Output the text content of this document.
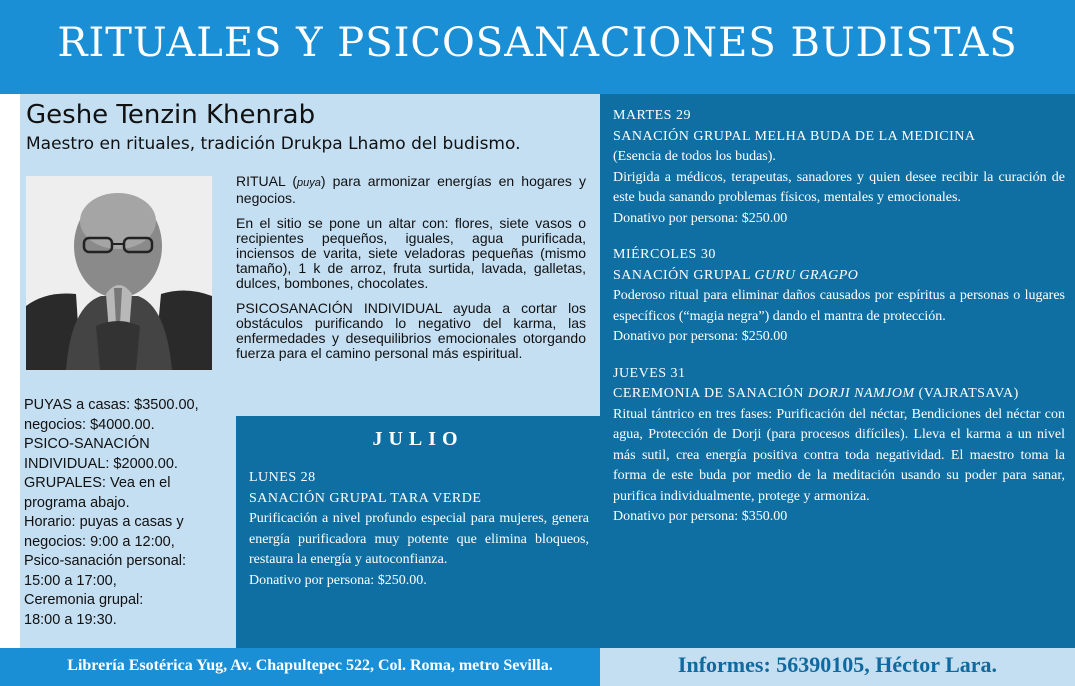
RITUALES Y PSICOSANACIONES BUDISTAS
Geshe Tenzin Khenrab
Maestro en rituales, tradición Drukpa Lhamo del budismo.

RITUAL (puya) para armonizar energías en hogares y negocios.

En el sitio se pone un altar con: flores, siete vasos o recipientes pequeños, iguales, agua purificada, inciensos de varita, siete veladoras pequeñas (mismo tamaño), 1 k de arroz, fruta surtida, lavada, galletas, dulces, bombones, chocolates.

PSICOSANACIÓN INDIVIDUAL ayuda a cortar los obstáculos purificando lo negativo del karma, las enfermedades y desequilibrios emocionales otorgando fuerza para el camino personal más espiritual.

PUYAS a casas: $3500.00,
negocios: $4000.00.
PSICO-SANACIÓN
INDIVIDUAL: $2000.00.
GRUPALES: Vea en el
programa abajo.
Horario: puyas a casas y
negocios: 9:00 a 12:00,
Psico-sanación personal:
15:00 a 17:00,
Ceremonia grupal:
18:00 a 19:30.
JULIO
LUNES 28
SANACIÓN GRUPAL TARA VERDE
Purificación a nivel profundo especial para mujeres, genera energía purificadora muy potente que elimina bloqueos, restaura la energía y autoconfianza.
Donativo por persona: $250.00.
MARTES 29
SANACIÓN GRUPAL MELHA BUDA DE LA MEDICINA
(Esencia de todos los budas).
Dirigida a médicos, terapeutas, sanadores y quien desee recibir la curación de este buda sanando problemas físicos, mentales y emocionales.
Donativo por persona: $250.00
MIÉRCOLES 30
SANACIÓN GRUPAL GURU GRAGPO
Poderoso ritual para eliminar daños causados por espíritus a personas o lugares específicos (“magia negra”) dando el mantra de protección.
Donativo por persona: $250.00
JUEVES 31
CEREMONIA DE SANACIÓN DORJI NAMJOM (VAJRATSAVA)
Ritual tántrico en tres fases: Purificación del néctar, Bendiciones del néctar con agua, Protección de Dorji (para procesos difíciles). Lleva el karma a un nivel más sutil, crea energía positiva contra toda negatividad. El maestro toma la forma de este buda por medio de la meditación usando su poder para sanar, purifica individualmente, protege y armoniza.
Donativo por persona: $350.00
Librería Esotérica Yug, Av. Chapultepec 522, Col. Roma, metro Sevilla.	Informes: 56390105, Héctor Lara.
